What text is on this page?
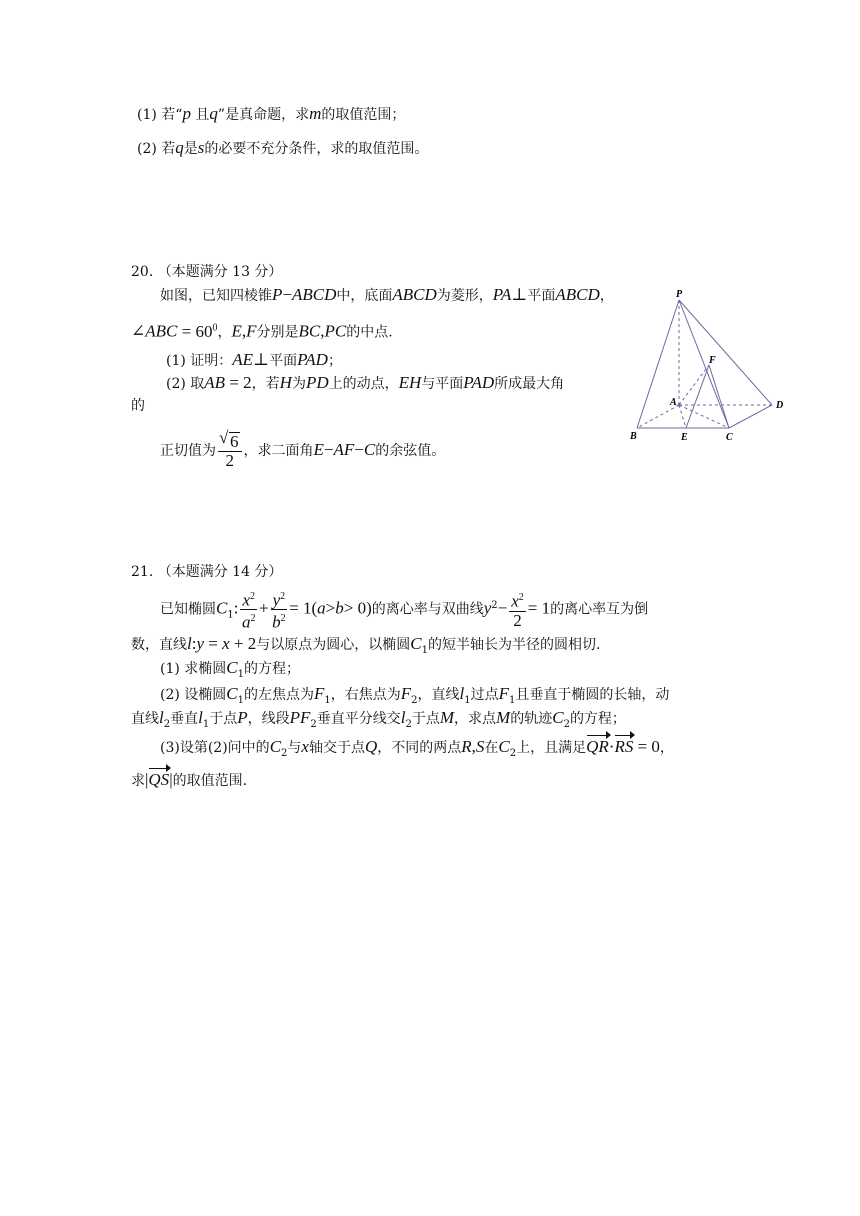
(1) 若“p 且q”是真命题，求m的取值范围；
(2) 若q是s的必要不充分条件，求的取值范围。
20. （本题满分 13 分）
如图，已知四棱锥P−ABCD中，底面ABCD为菱形，PA⊥平面ABCD，
∠ABC = $60^0$，E,F分别是BC,PC的中点.
(1) 证明：AE⊥平面PAD；
(2) 取AB = 2，若H为PD上的动点，EH与平面PAD所成最大角
的
正切值为
√ $\frac{6}{2}$ ，求二面角E−AF−C的余弦值。
P
F
A	D
B	E	C
21. （本题满分 14 分）
已知椭圆$C_1$: $\frac{x^2}{a^2} + \frac{y^2}{b^2} = 1(a>b> 0)$的离心率与双曲线$y^2- \frac{x^2}{2} = 1$的离心率互为倒
数，直线l:y = x + 2与以原点为圆心，以椭圆$C_1$的短半轴长为半径的圆相切.
(1) 求椭圆$C_1$的方程；
(2) 设椭圆$C_1$的左焦点为$F_1$，右焦点为$F_2$，直线$l_1$过点$F_1$且垂直于椭圆的长轴，动
直线$l_2$垂直$l_1$于点P，线段$PF_2$垂直平分线交$l_2$于点M，求点M的轨迹$C_2$的方程；
(3)设第(2)问中的$C_2$与x轴交于点Q，不同的两点R,S在$C_2$上，且满足QR·RS = 0，
求|QS|的取值范围.
